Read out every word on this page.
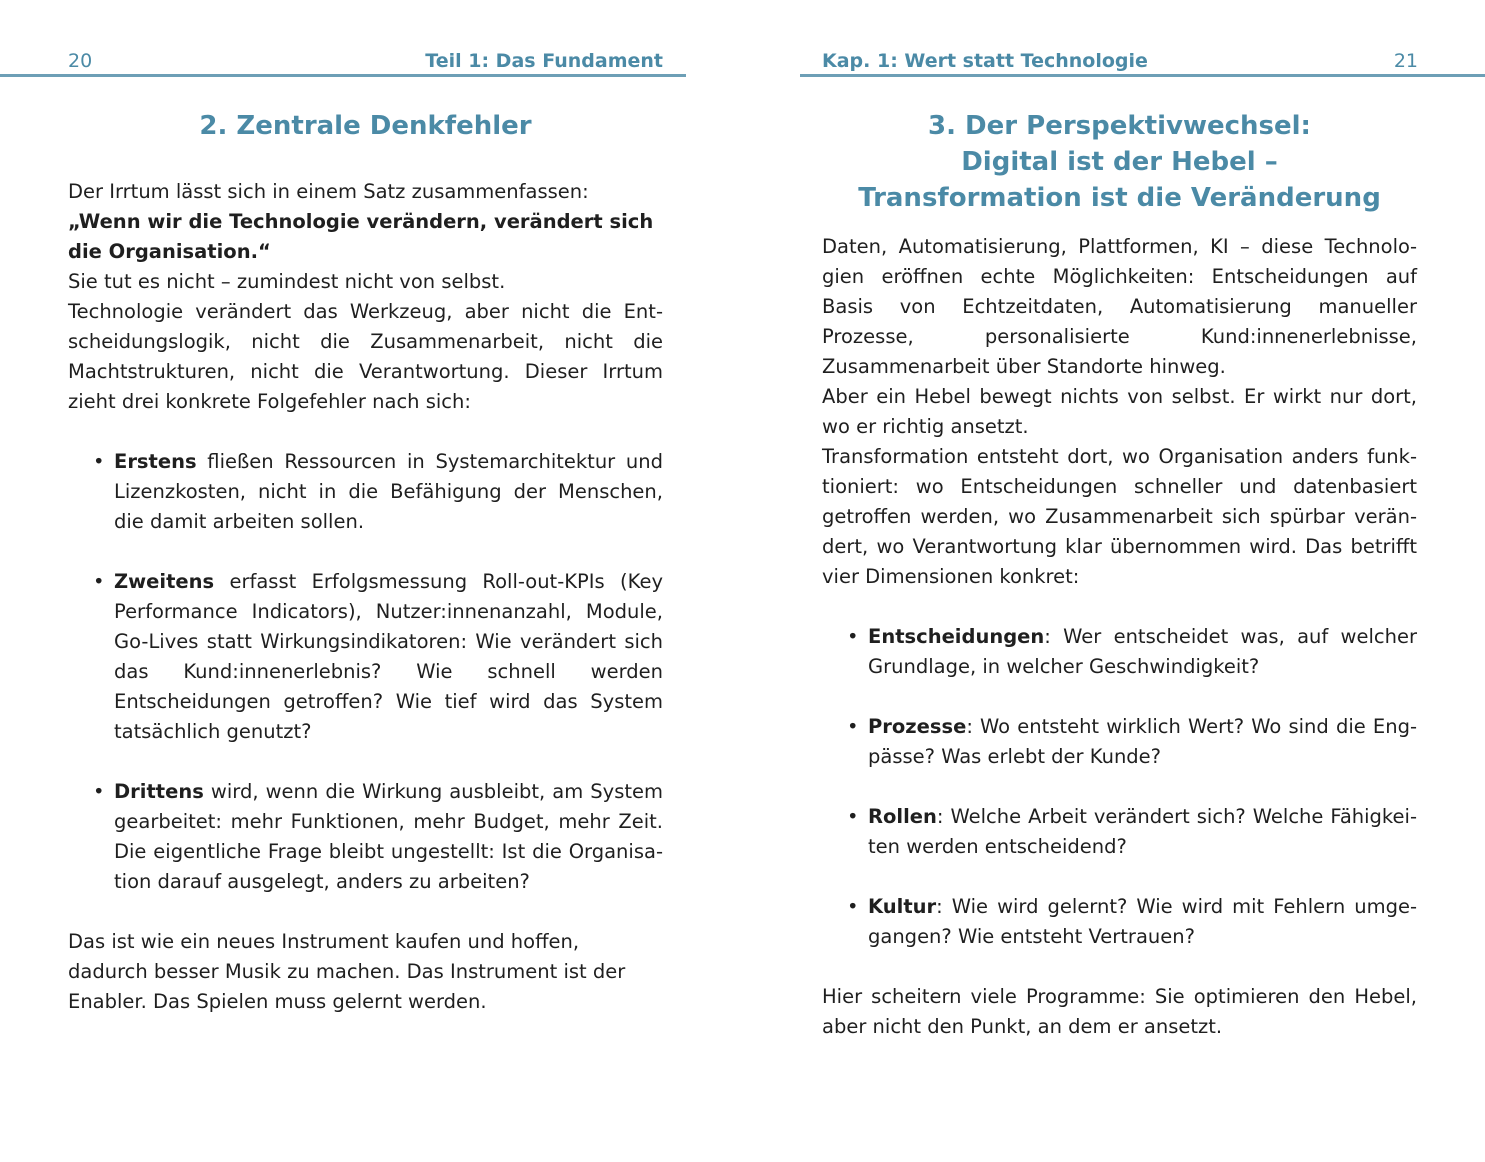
20	Teil 1: Das Fundament
2. Zentrale Denkfehler

Der Irrtum lässt sich in einem Satz zusammenfassen:

„Wenn wir die Technologie verändern, verändert sich die Organisation.“

Sie tut es nicht – zumindest nicht von selbst.

Technologie verändert das Werkzeug, aber nicht die Entscheidungslogik, nicht die Zusammenarbeit, nicht die Machtstrukturen, nicht die Verantwortung. Dieser Irrtum zieht drei konkrete Folgefehler nach sich:

• Erstens fließen Ressourcen in Systemarchitektur und Lizenzkosten, nicht in die Befähigung der Menschen, die damit arbeiten sollen.
• Zweitens erfasst Erfolgsmessung Roll-out-KPIs (Key Performance Indicators), Nutzer:innenanzahl, Module, Go-Lives statt Wirkungsindikatoren: Wie verändert sich das Kund:innenerlebnis? Wie schnell werden Entscheidungen getroffen? Wie tief wird das System tatsächlich genutzt?
• Drittens wird, wenn die Wirkung ausbleibt, am System gearbeitet: mehr Funktionen, mehr Budget, mehr Zeit. Die eigentliche Frage bleibt ungestellt: Ist die Organisation darauf ausgelegt, anders zu arbeiten?

Das ist wie ein neues Instrument kaufen und hoffen, dadurch besser Musik zu machen. Das Instrument ist der Enabler. Das Spielen muss gelernt werden.

Kap. 1: Wert statt Technologie	21
3. Der Perspektivwechsel:
Digital ist der Hebel –
Transformation ist die Veränderung

Daten, Automatisierung, Plattformen, KI – diese Technologien eröffnen echte Möglichkeiten: Entscheidungen auf Basis von Echtzeitdaten, Automatisierung manueller Prozesse, personalisierte Kund:innenerlebnisse, Zusammenarbeit über Standorte hinweg.

Aber ein Hebel bewegt nichts von selbst. Er wirkt nur dort, wo er richtig ansetzt.

Transformation entsteht dort, wo Organisation anders funktioniert: wo Entscheidungen schneller und datenbasiert getroffen werden, wo Zusammenarbeit sich spürbar verändert, wo Verantwortung klar übernommen wird. Das betrifft vier Dimensionen konkret:

• Entscheidungen: Wer entscheidet was, auf welcher Grundlage, in welcher Geschwindigkeit?
• Prozesse: Wo entsteht wirklich Wert? Wo sind die Engpässe? Was erlebt der Kunde?
• Rollen: Welche Arbeit verändert sich? Welche Fähigkeiten werden entscheidend?
• Kultur: Wie wird gelernt? Wie wird mit Fehlern umgegangen? Wie entsteht Vertrauen?

Hier scheitern viele Programme: Sie optimieren den Hebel, aber nicht den Punkt, an dem er ansetzt.
